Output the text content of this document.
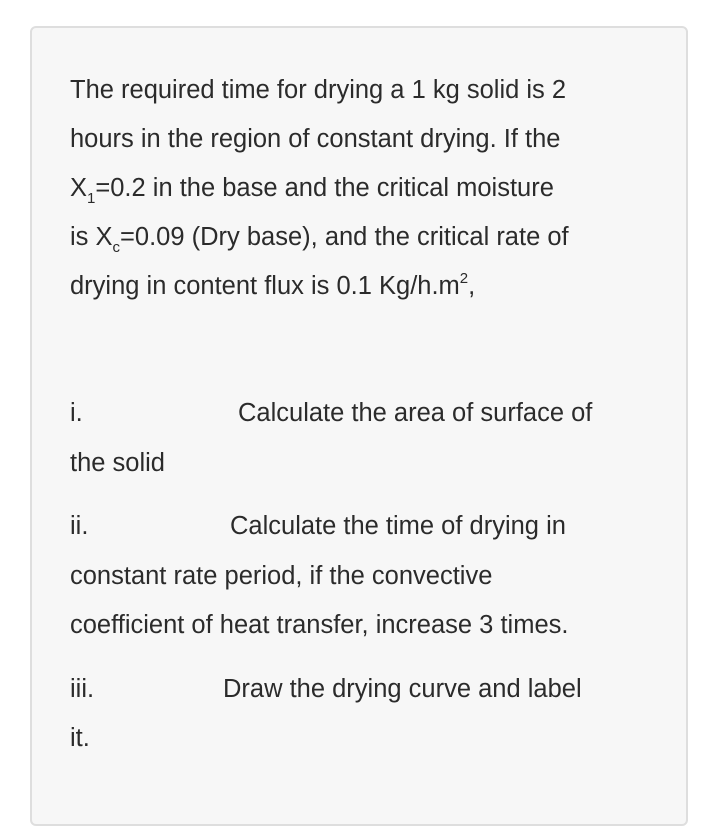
The required time for drying a 1 kg solid is 2
hours in the region of constant drying. If the
$X_1=0.2$ in the base and the critical moisture
is $X_c=0.09$ (Dry base), and the critical rate of
drying in content flux is 0.1 $Kg/h.m^2$,
i.	Calculate the area of surface of
the solid
ii.	Calculate the time of drying in
constant rate period, if the convective
coefficient of heat transfer, increase 3 times.
iii.	Draw the drying curve and label
it.
